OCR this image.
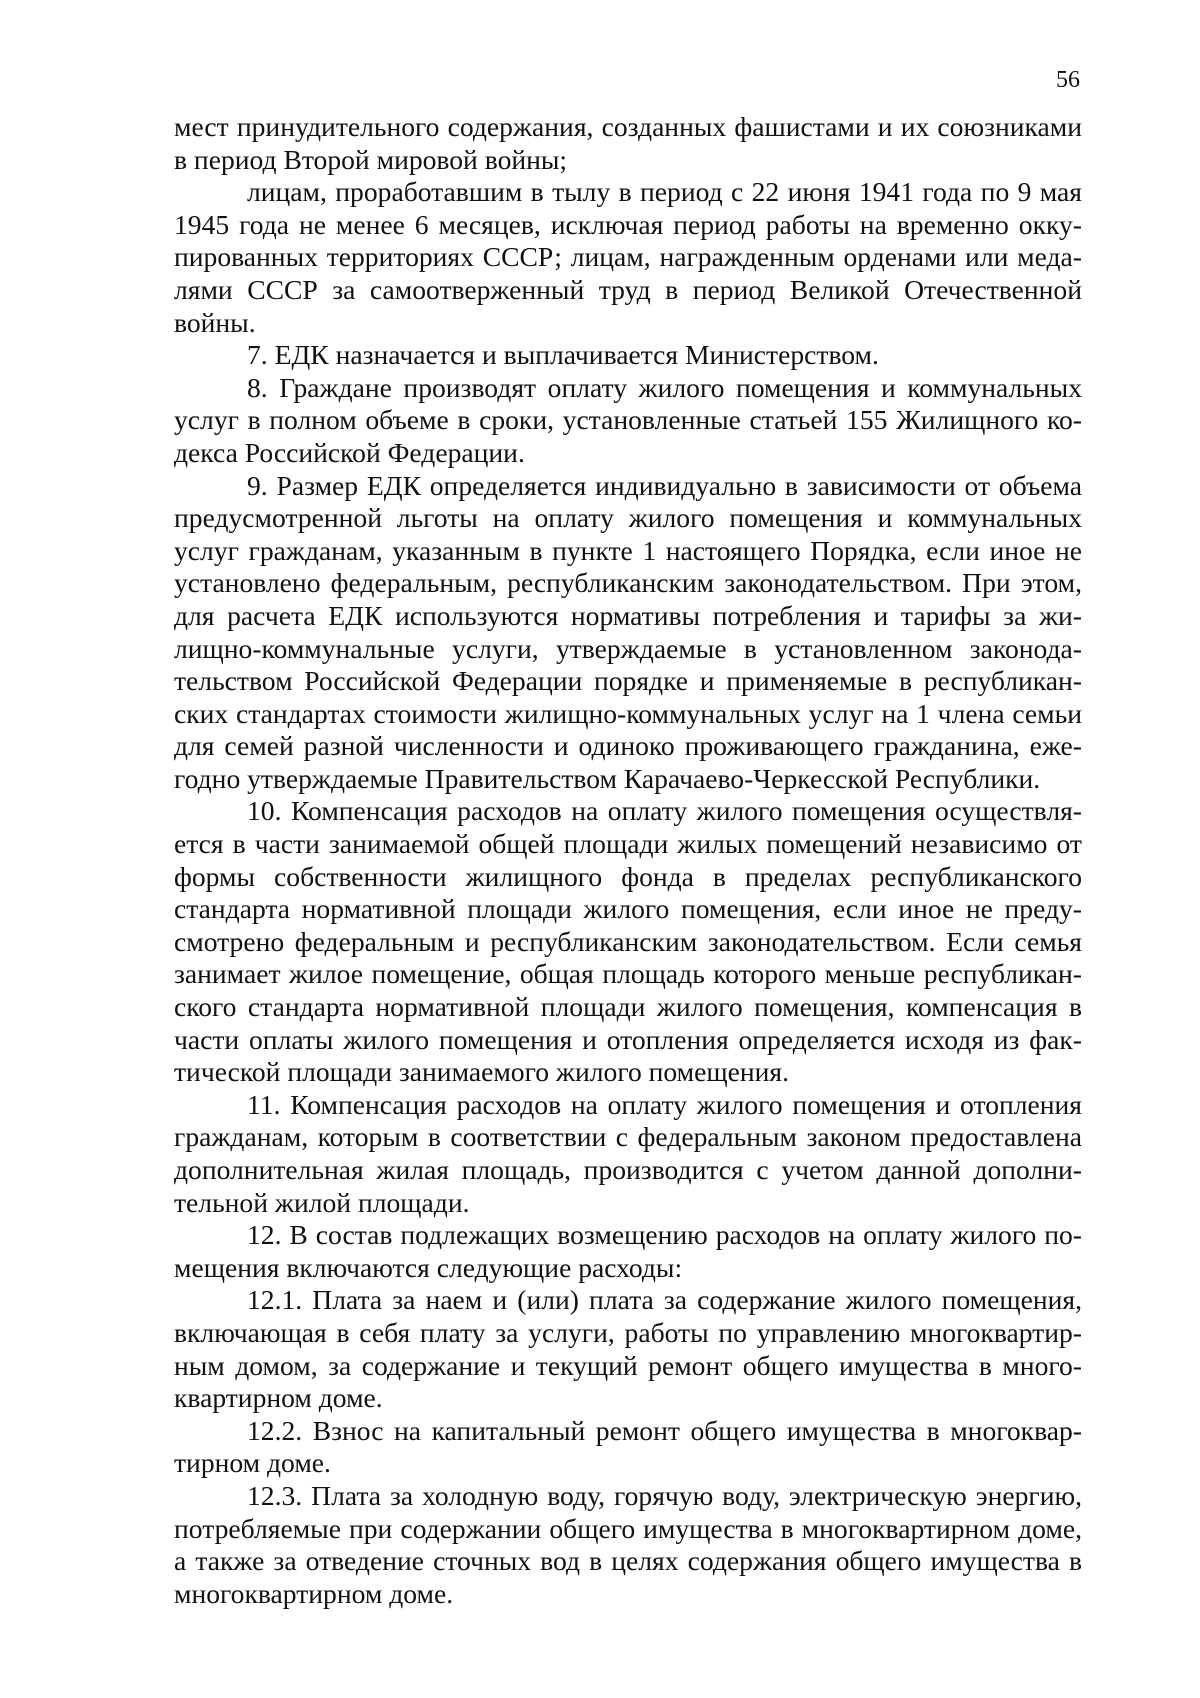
56

мест принудительного содержания, созданных фашистами и их союзниками в период Второй мировой войны;

лицам, проработавшим в тылу в период с 22 июня 1941 года по 9 мая 1945 года не менее 6 месяцев, исключая период работы на временно оккупированных территориях СССР; лицам, награжденным орденами или медалями СССР за самоотверженный труд в период Великой Отечественной войны.

7. ЕДК назначается и выплачивается Министерством.

8. Граждане производят оплату жилого помещения и коммунальных услуг в полном объеме в сроки, установленные статьей 155 Жилищного кодекса Российской Федерации.

9. Размер ЕДК определяется индивидуально в зависимости от объема предусмотренной льготы на оплату жилого помещения и коммунальных услуг гражданам, указанным в пункте 1 настоящего Порядка, если иное не установлено федеральным, республиканским законодательством. При этом, для расчета ЕДК используются нормативы потребления и тарифы за жилищно-коммунальные услуги, утверждаемые в установленном законодательством Российской Федерации порядке и применяемые в республиканских стандартах стоимости жилищно-коммунальных услуг на 1 члена семьи для семей разной численности и одиноко проживающего гражданина, ежегодно утверждаемые Правительством Карачаево-Черкесской Республики.

10. Компенсация расходов на оплату жилого помещения осуществляется в части занимаемой общей площади жилых помещений независимо от формы собственности жилищного фонда в пределах республиканского стандарта нормативной площади жилого помещения, если иное не предусмотрено федеральным и республиканским законодательством. Если семья занимает жилое помещение, общая площадь которого меньше республиканского стандарта нормативной площади жилого помещения, компенсация в части оплаты жилого помещения и отопления определяется исходя из фактической площади занимаемого жилого помещения.

11. Компенсация расходов на оплату жилого помещения и отопления гражданам, которым в соответствии с федеральным законом предоставлена дополнительная жилая площадь, производится с учетом данной дополнительной жилой площади.

12. В состав подлежащих возмещению расходов на оплату жилого помещения включаются следующие расходы:

12.1. Плата за наем и (или) плата за содержание жилого помещения, включающая в себя плату за услуги, работы по управлению многоквартирным домом, за содержание и текущий ремонт общего имущества в многоквартирном доме.

12.2. Взнос на капитальный ремонт общего имущества в многоквартирном доме.

12.3. Плата за холодную воду, горячую воду, электрическую энергию, потребляемые при содержании общего имущества в многоквартирном доме, а также за отведение сточных вод в целях содержания общего имущества в многоквартирном доме.
